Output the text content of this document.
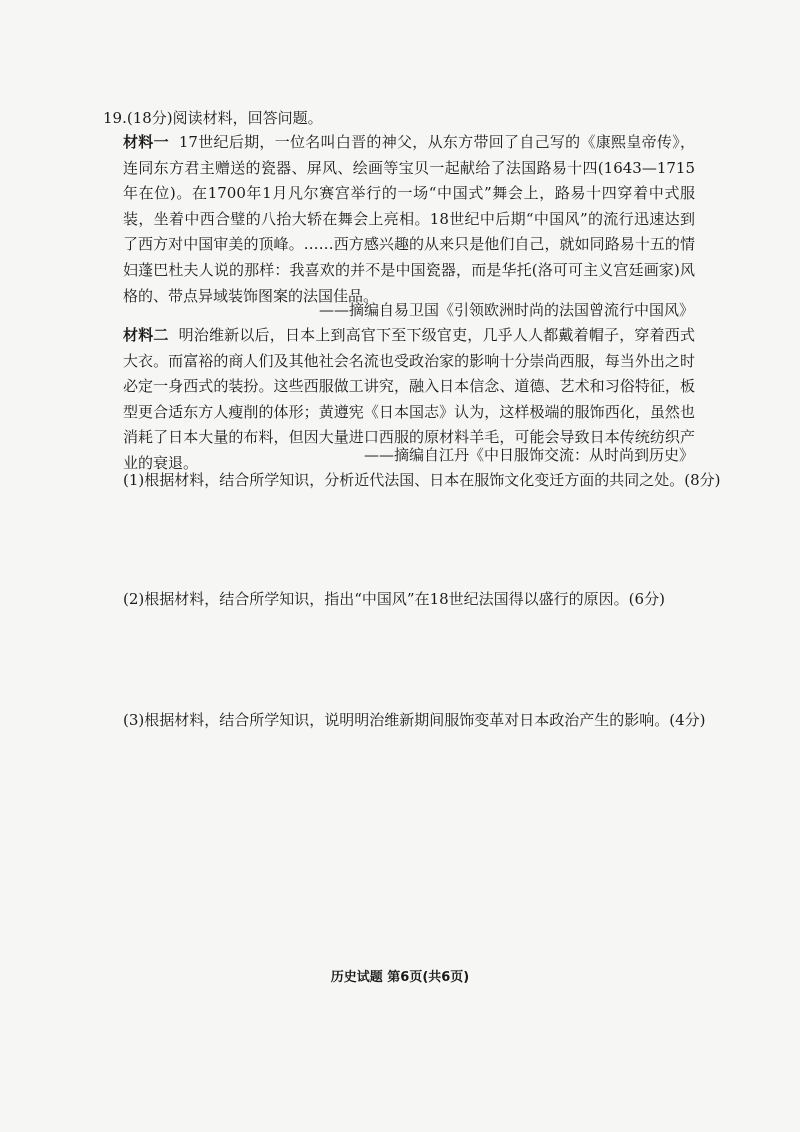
19.(18分)阅读材料，回答问题。
材料一 17世纪后期，一位名叫白晋的神父，从东方带回了自己写的《康熙皇帝传》，连同东方君主赠送的瓷器、屏风、绘画等宝贝一起献给了法国路易十四(1643—1715年在位)。在1700年1月凡尔赛宫举行的一场“中国式”舞会上，路易十四穿着中式服装，坐着中西合璧的八抬大轿在舞会上亮相。18世纪中后期“中国风”的流行迅速达到了西方对中国审美的顶峰。……西方感兴趣的从来只是他们自己，就如同路易十五的情妇蓬巴杜夫人说的那样：我喜欢的并不是中国瓷器，而是华托(洛可可主义宫廷画家)风格的、带点异域装饰图案的法国佳品。
——摘编自易卫国《引领欧洲时尚的法国曾流行中国风》
材料二 明治维新以后，日本上到高官下至下级官吏，几乎人人都戴着帽子，穿着西式大衣。而富裕的商人们及其他社会名流也受政治家的影响十分崇尚西服，每当外出之时必定一身西式的装扮。这些西服做工讲究，融入日本信念、道德、艺术和习俗特征，板型更合适东方人瘦削的体形；黄遵宪《日本国志》认为，这样极端的服饰西化，虽然也消耗了日本大量的布料，但因大量进口西服的原材料羊毛，可能会导致日本传统纺织产业的衰退。	——摘编自江丹《中日服饰交流：从时尚到历史》
(1)根据材料，结合所学知识，分析近代法国、日本在服饰文化变迁方面的共同之处。(8分)
(2)根据材料，结合所学知识，指出“中国风”在18世纪法国得以盛行的原因。(6分)
(3)根据材料，结合所学知识，说明明治维新期间服饰变革对日本政治产生的影响。(4分)
历史试题 第6页(共6页)
